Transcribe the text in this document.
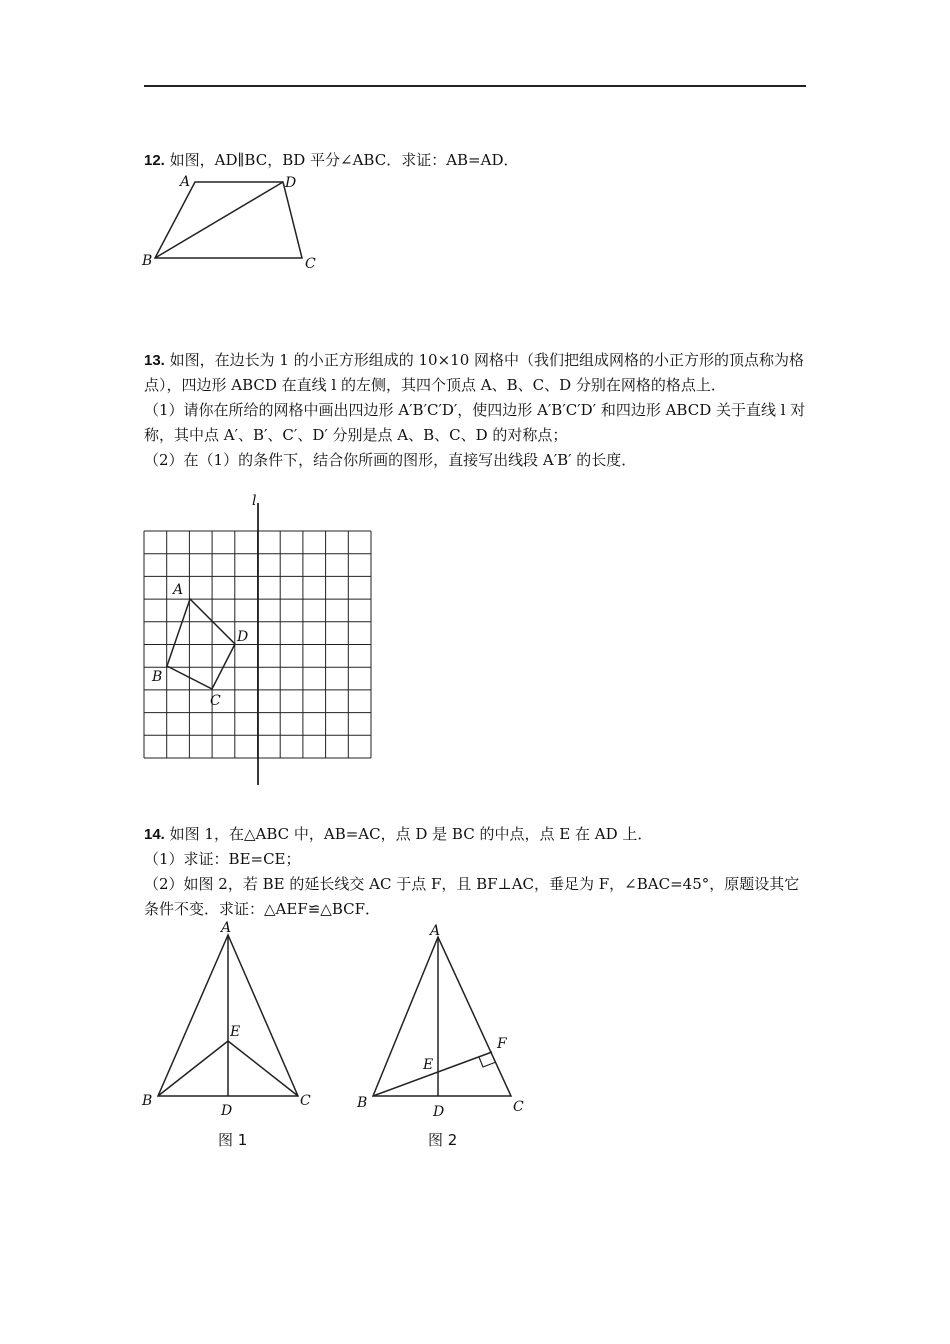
12. 如图，AD∥BC，BD 平分∠ABC．求证：AB=AD．

A	D
B	C

13. 如图，在边长为 1 的小正方形组成的 10×10 网格中（我们把组成网格的小正方形的顶点称为格点），四边形 ABCD 在直线 l 的左侧，其四个顶点 A、B、C、D 分别在网格的格点上．

（1）请你在所给的网格中画出四边形 A′B′C′D′，使四边形 A′B′C′D′ 和四边形 ABCD 关于直线 l 对称，其中点 A′、B′、C′、D′ 分别是点 A、B、C、D 的对称点；

（2）在（1）的条件下，结合你所画的图形，直接写出线段 A′B′ 的长度．

l
A
B
C
D

14. 如图 1，在△ABC 中，AB=AC，点 D 是 BC 的中点，点 E 在 AD 上．

（1）求证：BE=CE；

（2）如图 2，若 BE 的延长线交 AC 于点 F，且 BF⊥AC，垂足为 F，∠BAC=45°，原题设其它条件不变．求证：△AEF≌△BCF．

A
E
B	C
D
图 1
A
E
F
B	C
D
图 2
